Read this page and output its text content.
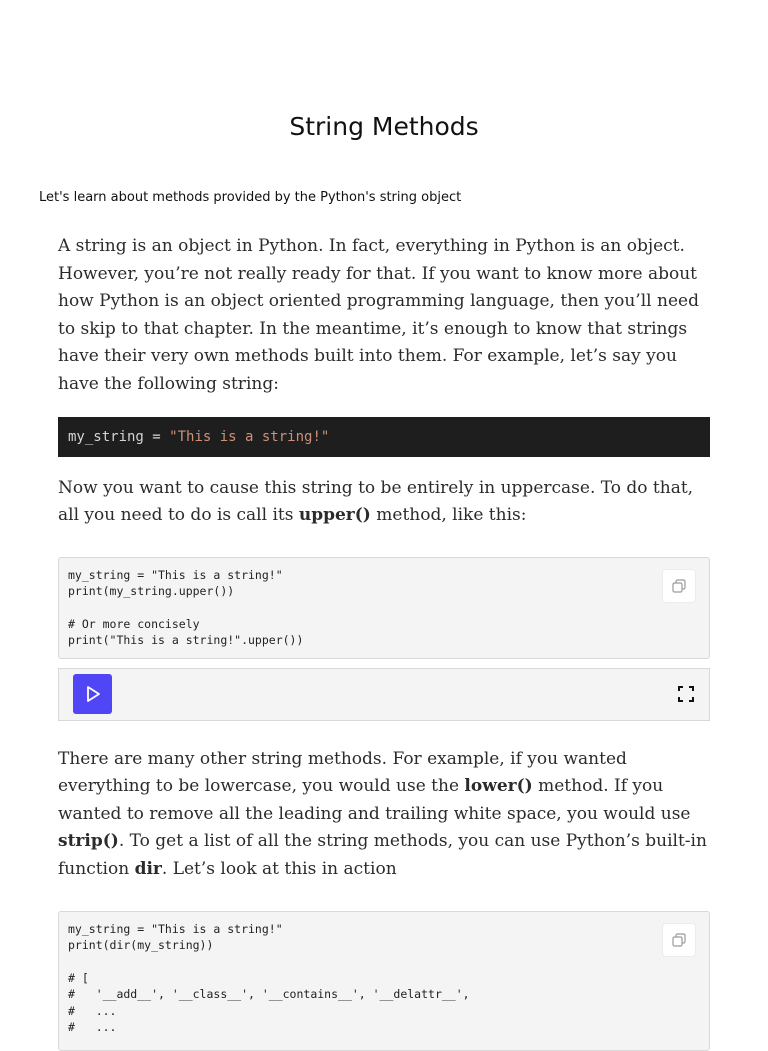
String Methods

Let's learn about methods provided by the Python's string object

A string is an object in Python. In fact, everything in Python is an object. However, you’re not really ready for that. If you want to know more about how Python is an object oriented programming language, then you’ll need to skip to that chapter. In the meantime, it’s enough to know that strings have their very own methods built into them. For example, let’s say you have the following string:

my_string = "This is a string!"

Now you want to cause this string to be entirely in uppercase. To do that, all you need to do is call its upper() method, like this:

my_string = "This is a string!"
print(my_string.upper())
# Or more concisely
print("This is a string!".upper())

There are many other string methods. For example, if you wanted everything to be lowercase, you would use the lower() method. If you wanted to remove all the leading and trailing white space, you would use strip(). To get a list of all the string methods, you can use Python’s built-in function dir. Let’s look at this in action

my_string = "This is a string!"
print(dir(my_string))
# [
#   '__add__', '__class__', '__contains__', '__delattr__',
#   ...
#   ...
